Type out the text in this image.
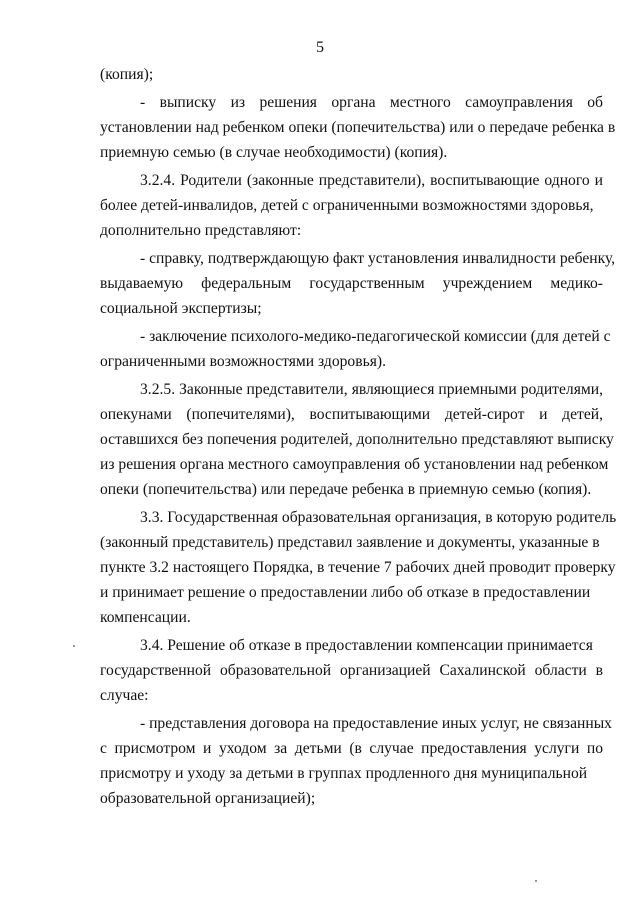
5
(копия);
- выписку из решения органа местного самоуправления об
установлении над ребенком опеки (попечительства) или о передаче ребенка в
приемную семью (в случае необходимости) (копия).
3.2.4. Родители (законные представители), воспитывающие одного и
более детей-инвалидов, детей с ограниченными возможностями здоровья,
дополнительно представляют:
- справку, подтверждающую факт установления инвалидности ребенку,
выдаваемую федеральным государственным учреждением медико-
социальной экспертизы;
- заключение психолого-медико-педагогической комиссии (для детей с
ограниченными возможностями здоровья).
3.2.5. Законные представители, являющиеся приемными родителями,
опекунами (попечителями), воспитывающими детей-сирот и детей,
оставшихся без попечения родителей, дополнительно представляют выписку
из решения органа местного самоуправления об установлении над ребенком
опеки (попечительства) или передаче ребенка в приемную семью (копия).
3.3. Государственная образовательная организация, в которую родитель
(законный представитель) представил заявление и документы, указанные в
пункте 3.2 настоящего Порядка, в течение 7 рабочих дней проводит проверку
и принимает решение о предоставлении либо об отказе в предоставлении
компенсации.
3.4. Решение об отказе в предоставлении компенсации принимается
государственной образовательной организацией Сахалинской области в
случае:
- представления договора на предоставление иных услуг, не связанных
с присмотром и уходом за детьми (в случае предоставления услуги по
присмотру и уходу за детьми в группах продленного дня муниципальной
образовательной организацией);
